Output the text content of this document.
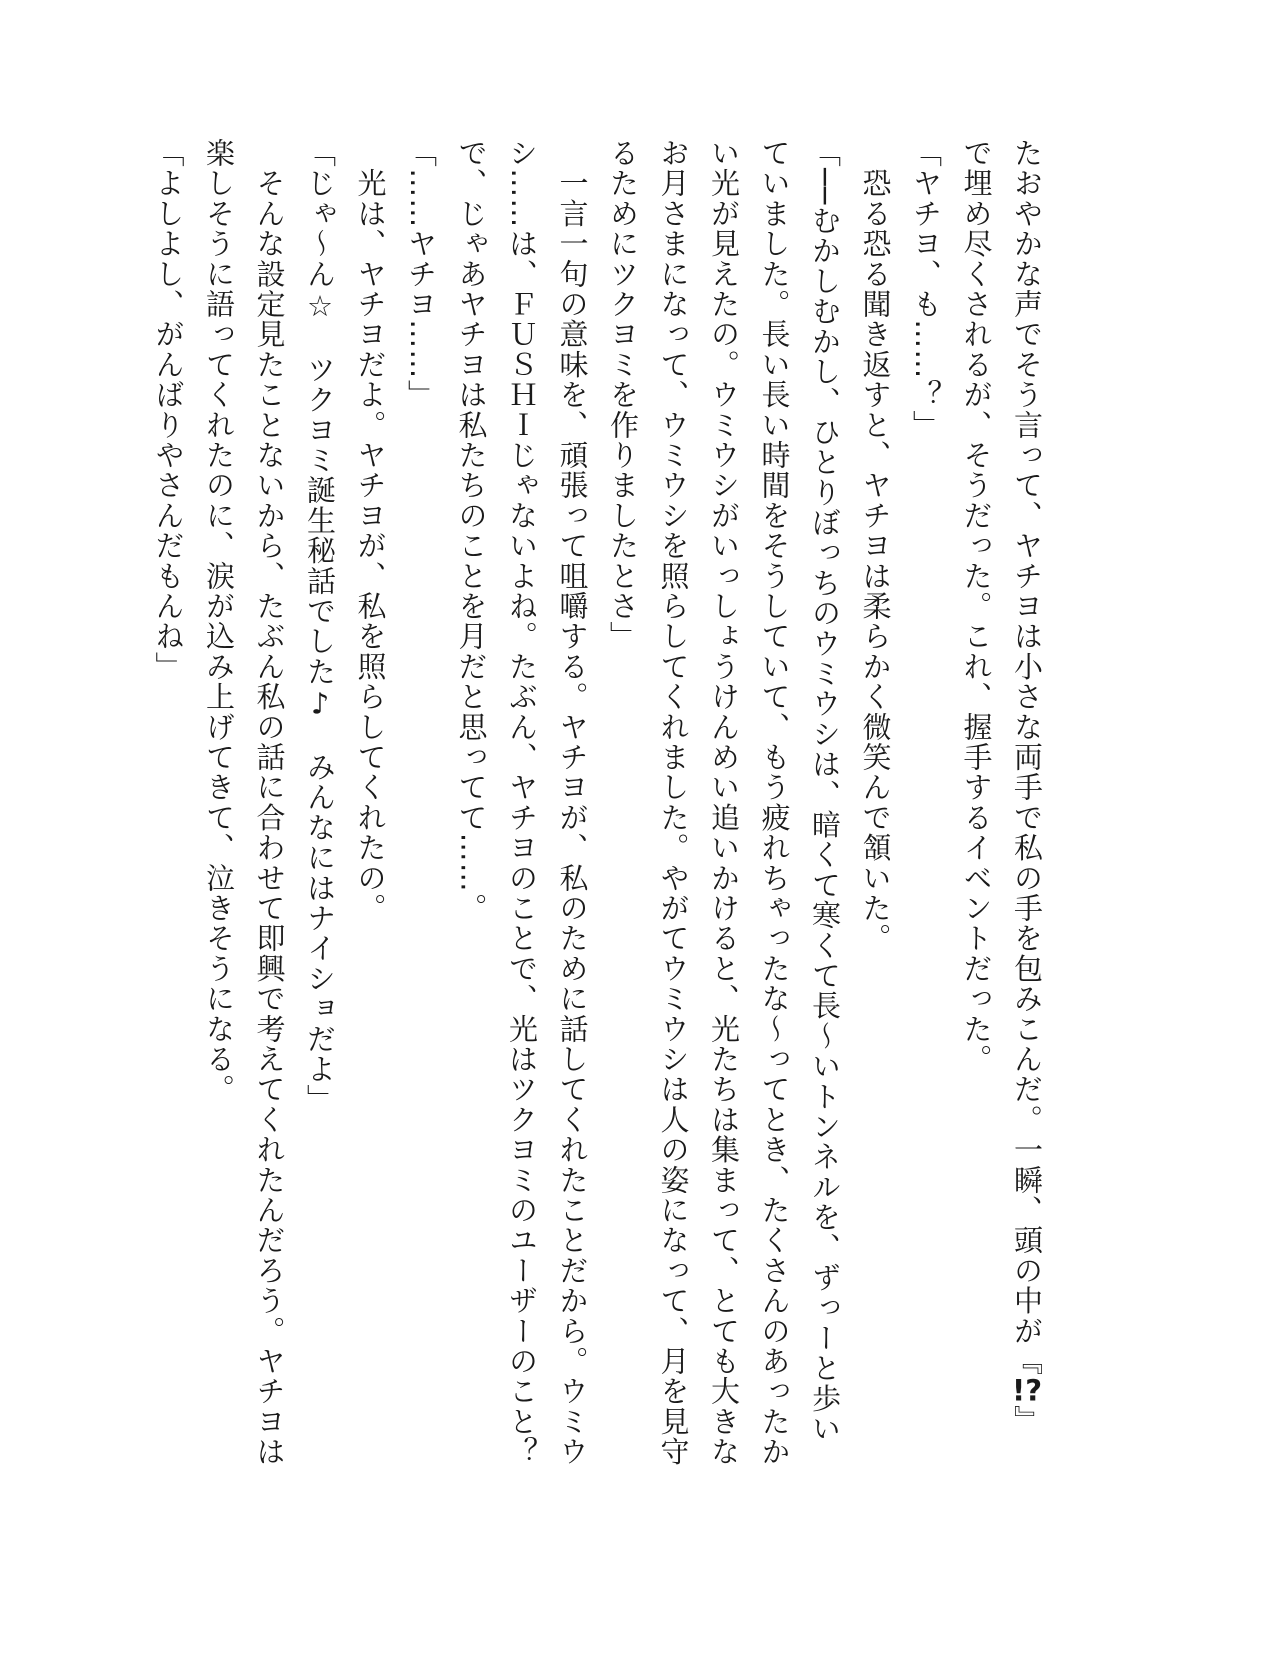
たおやかな声でそう言って、ヤチヨは小さな両手で私の手を包みこんだ。一瞬、頭の中が『!?』

で埋め尽くされるが、そうだった。これ、握手するイベントだった。

「ヤチヨ、も……？」

　恐る恐る聞き返すと、ヤチヨは柔らかく微笑んで頷いた。

「──むかしむかし、ひとりぼっちのウミウシは、暗くて寒くて長～いトンネルを、ずっーと歩い

ていました。長い長い時間をそうしていて、もう疲れちゃったな～ってとき、たくさんのあったか

い光が見えたの。ウミウシがいっしょうけんめい追いかけると、光たちは集まって、とても大きな

お月さまになって、ウミウシを照らしてくれました。やがてウミウシは人の姿になって、月を見守

るためにツクヨミを作りましたとさ」

　一言一句の意味を、頑張って咀嚼する。ヤチヨが、私のために話してくれたことだから。ウミウ

シ……は、ＦＵＳＨＩじゃないよね。たぶん、ヤチヨのことで、光はツクヨミのユーザーのこと？

で、じゃあヤチヨは私たちのことを月だと思ってて……。

「……ヤチヨ……」

　光は、ヤチヨだよ。ヤチヨが、私を照らしてくれたの。

「じゃ～ん☆　ツクヨミ誕生秘話でした♪　みんなにはナイショだよ」

　そんな設定見たことないから、たぶん私の話に合わせて即興で考えてくれたんだろう。ヤチヨは

楽しそうに語ってくれたのに、涙が込み上げてきて、泣きそうになる。

「よしよし、がんばりやさんだもんね」
